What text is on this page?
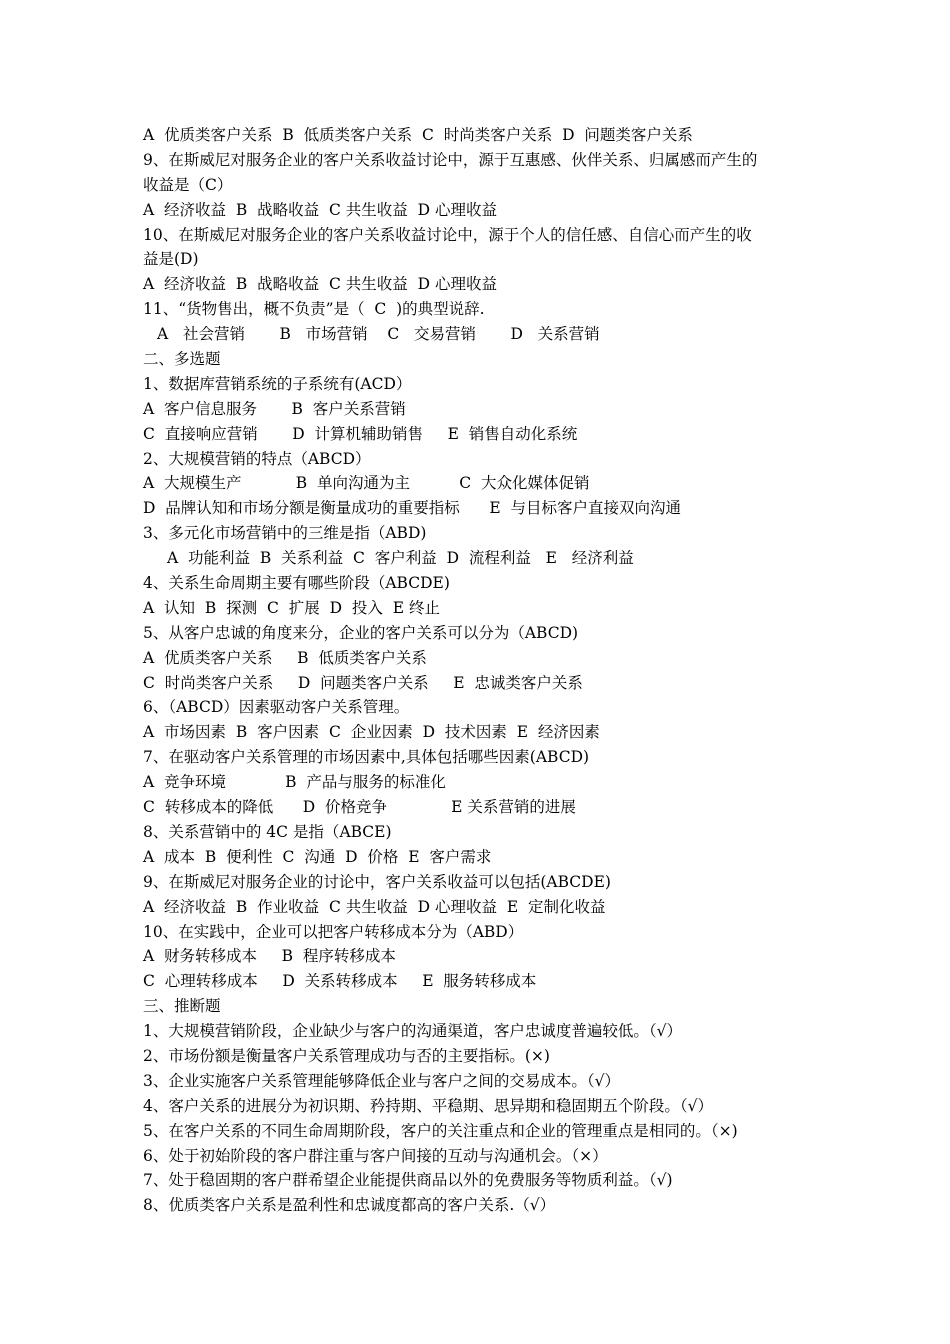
A  优质类客户关系  B  低质类客户关系  C  时尚类客户关系  D  问题类客户关系
9、在斯威尼对服务企业的客户关系收益讨论中，源于互惠感、伙伴关系、归属感而产生的
收益是（C）
A  经济收益  B  战略收益  C 共生收益  D 心理收益
10、在斯威尼对服务企业的客户关系收益讨论中，源于个人的信任感、自信心而产生的收
益是(D)
A  经济收益  B  战略收益  C 共生收益  D 心理收益
11、“货物售出，概不负责”是（  C  )的典型说辞.
A   社会营销       B   市场营销    C   交易营销       D   关系营销
二、多选题
1、数据库营销系统的子系统有(ACD）
A  客户信息服务       B  客户关系营销
C  直接响应营销       D  计算机辅助销售     E  销售自动化系统
2、大规模营销的特点（ABCD）
A  大规模生产           B  单向沟通为主          C  大众化媒体促销
D  品牌认知和市场分额是衡量成功的重要指标      E  与目标客户直接双向沟通
3、多元化市场营销中的三维是指（ABD)
A  功能利益  B  关系利益  C  客户利益  D  流程利益   E   经济利益
4、关系生命周期主要有哪些阶段（ABCDE)
A  认知  B  探测  C  扩展  D  投入  E 终止
5、从客户忠诚的角度来分，企业的客户关系可以分为（ABCD)
A  优质类客户关系     B  低质类客户关系
C  时尚类客户关系     D  问题类客户关系     E  忠诚类客户关系
6、（ABCD）因素驱动客户关系管理。
A  市场因素  B  客户因素  C  企业因素  D  技术因素  E  经济因素
7、在驱动客户关系管理的市场因素中,具体包括哪些因素(ABCD)
A  竞争环境            B  产品与服务的标准化
C  转移成本的降低      D  价格竞争             E 关系营销的进展
8、关系营销中的 4C 是指（ABCE)
A  成本  B  便利性  C  沟通  D  价格  E  客户需求
9、在斯威尼对服务企业的讨论中，客户关系收益可以包括(ABCDE)
A  经济收益  B  作业收益  C 共生收益  D 心理收益  E  定制化收益
10、在实践中，企业可以把客户转移成本分为（ABD）
A  财务转移成本     B  程序转移成本
C  心理转移成本     D  关系转移成本     E  服务转移成本
三、推断题
1、大规模营销阶段，企业缺少与客户的沟通渠道，客户忠诚度普遍较低。（√）
2、市场份额是衡量客户关系管理成功与否的主要指标。(×)
3、企业实施客户关系管理能够降低企业与客户之间的交易成本。（√）
4、客户关系的进展分为初识期、矜持期、平稳期、思异期和稳固期五个阶段。（√）
5、在客户关系的不同生命周期阶段，客户的关注重点和企业的管理重点是相同的。（×)
6、处于初始阶段的客户群注重与客户间接的互动与沟通机会。（×）
7、处于稳固期的客户群希望企业能提供商品以外的免费服务等物质利益。（√)
8、优质类客户关系是盈利性和忠诚度都高的客户关系.（√）
